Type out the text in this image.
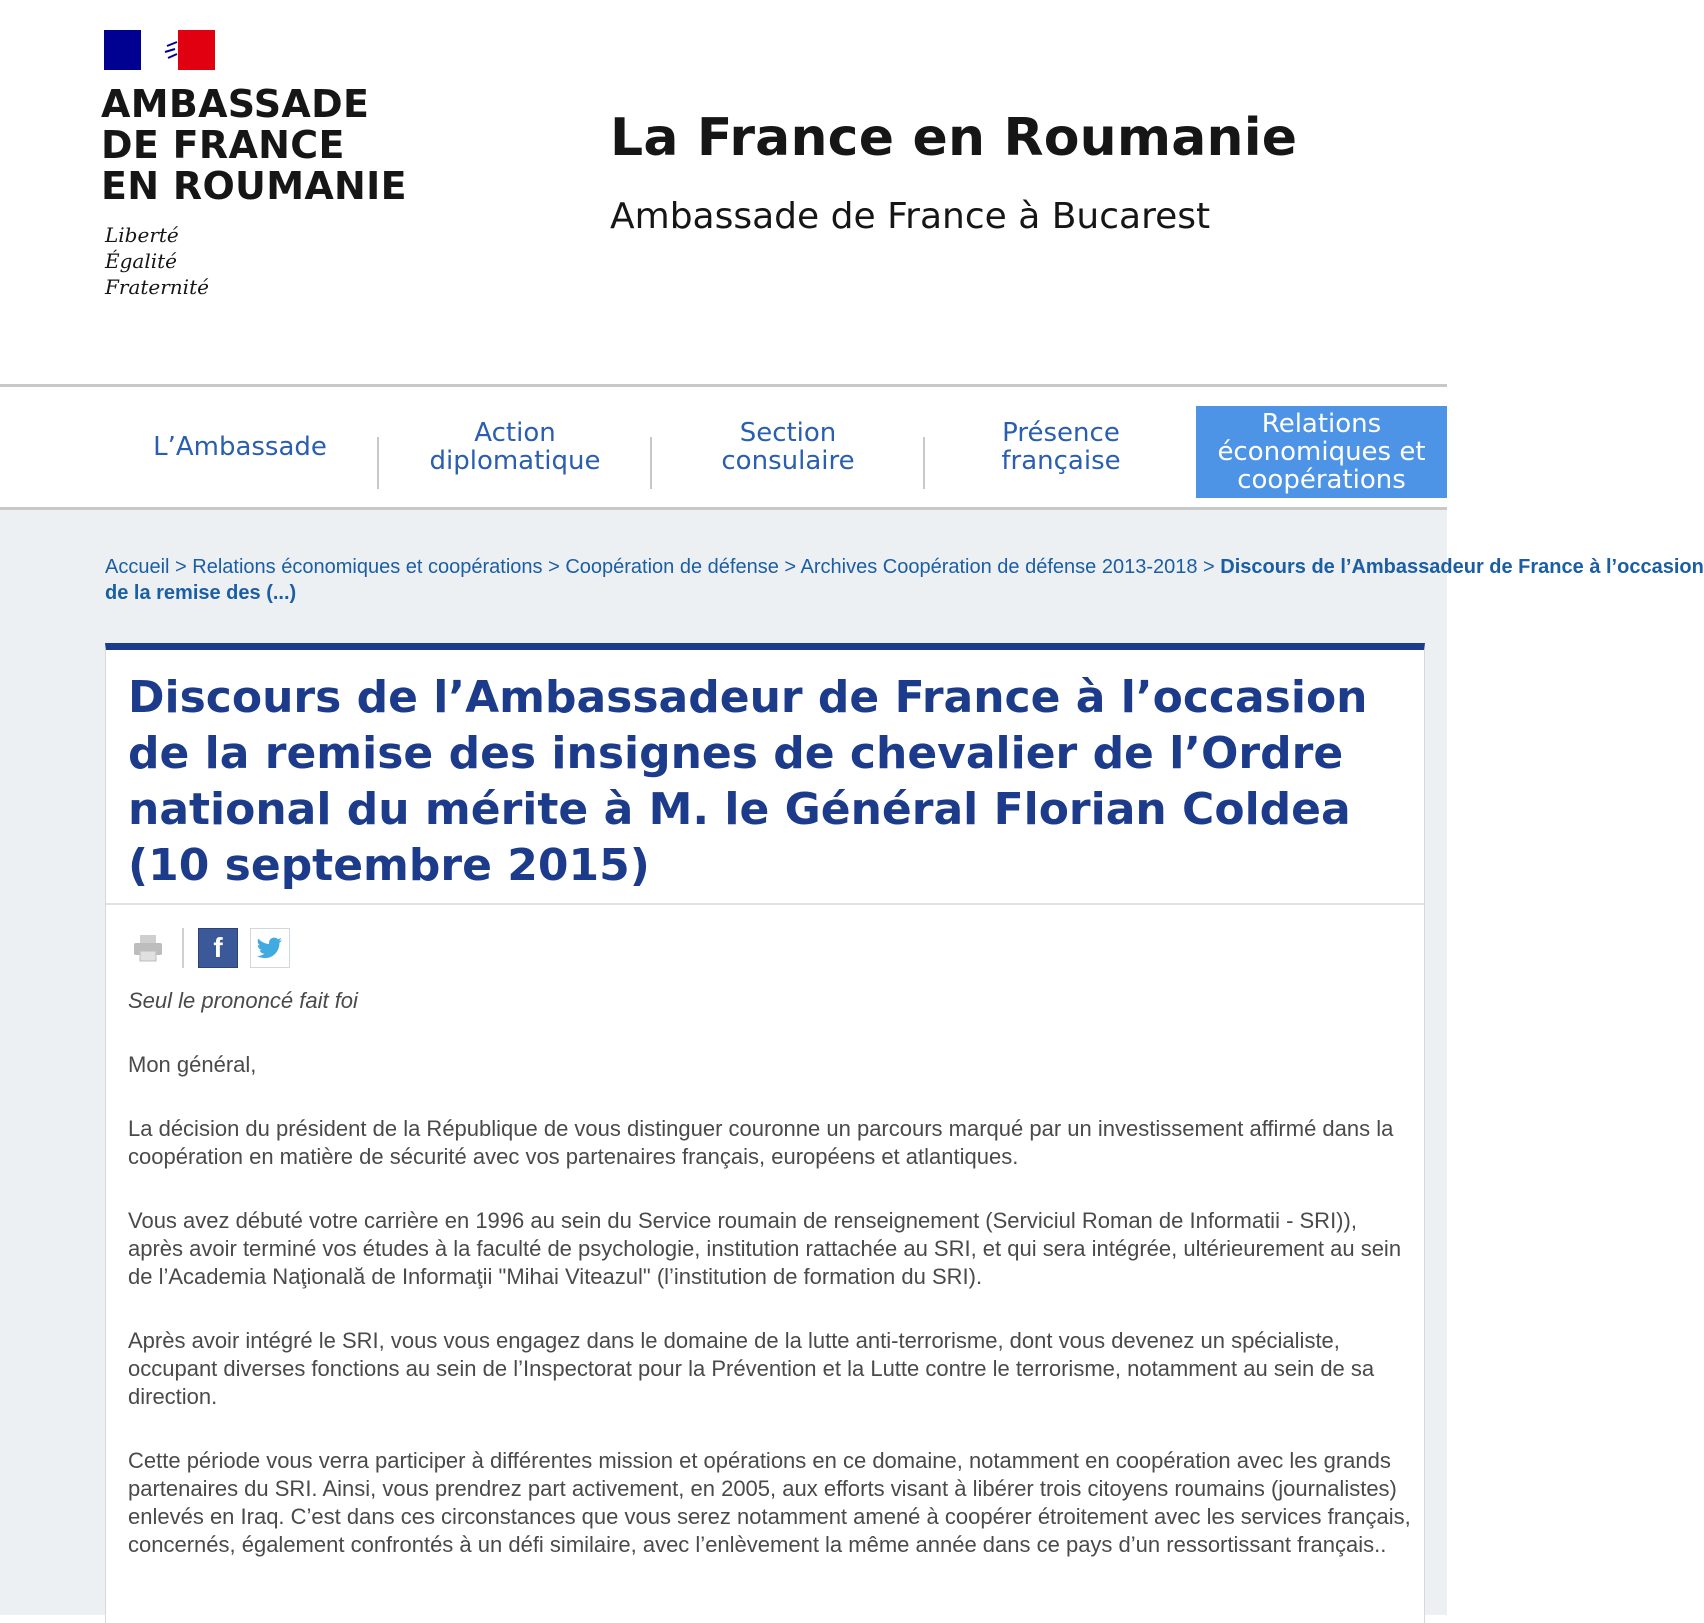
AMBASSADE
DE FRANCE
EN ROUMANIE
Liberté
Égalité
Fraternité
La France en Roumanie
Ambassade de France à Bucarest
L’Ambassade	Action
diplomatique
Section
consulaire
Présence
française
Relations
économiques et
coopérations
Accueil > Relations économiques et coopérations > Coopération de défense > Archives Coopération de défense 2013-2018 > Discours de l’Ambassadeur de France à l’occasion
de la remise des (...)
Discours de l’Ambassadeur de France à l’occasion de la remise des insignes de chevalier de l’Ordre national du mérite à M. le Général Florian Coldea (10 septembre 2015)
f

Seul le prononcé fait foi

Mon général,

La décision du président de la République de vous distinguer couronne un parcours marqué par un investissement affirmé dans la coopération en matière de sécurité avec vos partenaires français, européens et atlantiques.

Vous avez débuté votre carrière en 1996 au sein du Service roumain de renseignement (Serviciul Roman de Informatii - SRI)), après avoir terminé vos études à la faculté de psychologie, institution rattachée au SRI, et qui sera intégrée, ultérieurement au sein de l’Academia Naţională de Informaţii "Mihai Viteazul" (l’institution de formation du SRI).

Après avoir intégré le SRI, vous vous engagez dans le domaine de la lutte anti-terrorisme, dont vous devenez un spécialiste, occupant diverses fonctions au sein de l’Inspectorat pour la Prévention et la Lutte contre le terrorisme, notamment au sein de sa direction.

Cette période vous verra participer à différentes mission et opérations en ce domaine, notamment en coopération avec les grands partenaires du SRI. Ainsi, vous prendrez part activement, en 2005, aux efforts visant à libérer trois citoyens roumains (journalistes) enlevés en Iraq. C’est dans ces circonstances que vous serez notamment amené à coopérer étroitement avec les services français, concernés, également confrontés à un défi similaire, avec l’enlèvement la même année dans ce pays d’un ressortissant français..
